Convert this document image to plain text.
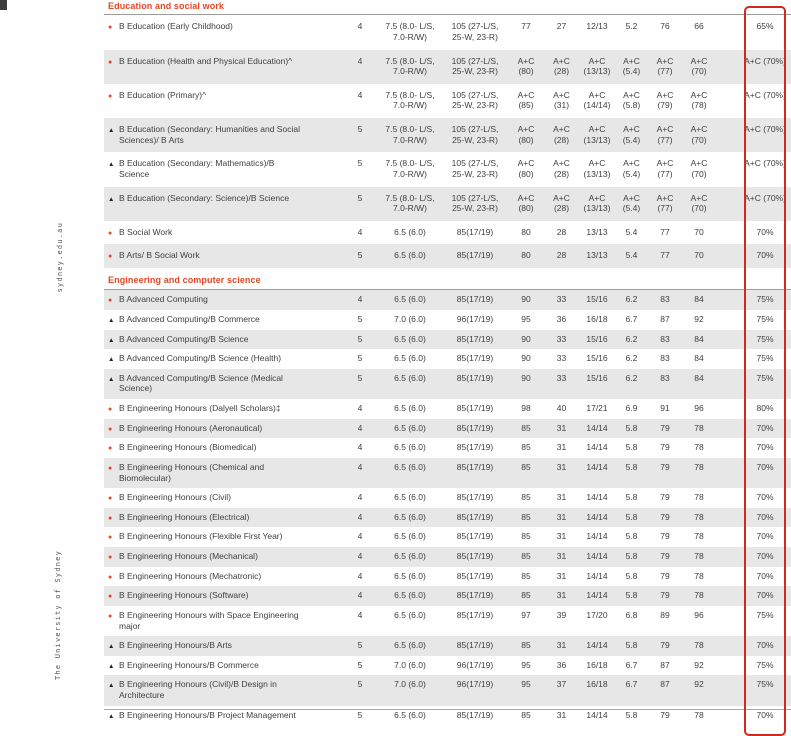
sydney.edu.au
The University of Sydney
Education and social work										
● B Education (Early Childhood)	4	7.5 (8.0- L/S, 7.0-R/W)	105 (27-L/S, 25-W, 23-R)	77	27	12/13	5.2	76	66	65%
● B Education (Health and Physical Education)^	4	7.5 (8.0- L/S, 7.0-R/W)	105 (27-L/S, 25-W, 23-R)	A+C (80)	A+C (28)	A+C (13/13)	A+C (5.4)	A+C (77)	A+C (70)	A+C (70%)
● B Education (Primary)^	4	7.5 (8.0- L/S, 7.0-R/W)	105 (27-L/S, 25-W, 23-R)	A+C (85)	A+C (31)	A+C (14/14)	A+C (5.8)	A+C (79)	A+C (78)	A+C (70%)
▲ B Education (Secondary: Humanities and Social Sciences)/ B Arts	5	7.5 (8.0- L/S, 7.0-R/W)	105 (27-L/S, 25-W, 23-R)	A+C (80)	A+C (28)	A+C (13/13)	A+C (5.4)	A+C (77)	A+C (70)	A+C (70%)
▲ B Education (Secondary: Mathematics)/B Science	5	7.5 (8.0- L/S, 7.0-R/W)	105 (27-L/S, 25-W, 23-R)	A+C (80)	A+C (28)	A+C (13/13)	A+C (5.4)	A+C (77)	A+C (70)	A+C (70%)
▲ B Education (Secondary: Science)/B Science	5	7.5 (8.0- L/S, 7.0-R/W)	105 (27-L/S, 25-W, 23-R)	A+C (80)	A+C (28)	A+C (13/13)	A+C (5.4)	A+C (77)	A+C (70)	A+C (70%)
● B Social Work	4	6.5 (6.0)	85(17/19)	80	28	13/13	5.4	77	70	70%
● B Arts/ B Social Work	5	6.5 (6.0)	85(17/19)	80	28	13/13	5.4	77	70	70%
Engineering and computer science										
● B Advanced Computing	4	6.5 (6.0)	85(17/19)	90	33	15/16	6.2	83	84	75%
▲ B Advanced Computing/B Commerce	5	7.0 (6.0)	96(17/19)	95	36	16/18	6.7	87	92	75%
▲ B Advanced Computing/B Science	5	6.5 (6.0)	85(17/19)	90	33	15/16	6.2	83	84	75%
▲ B Advanced Computing/B Science (Health)	5	6.5 (6.0)	85(17/19)	90	33	15/16	6.2	83	84	75%
▲ B Advanced Computing/B Science (Medical Science)	5	6.5 (6.0)	85(17/19)	90	33	15/16	6.2	83	84	75%
● B Engineering Honours (Dalyell Scholars)‡	4	6.5 (6.0)	85(17/19)	98	40	17/21	6.9	91	96	80%
● B Engineering Honours (Aeronautical)	4	6.5 (6.0)	85(17/19)	85	31	14/14	5.8	79	78	70%
● B Engineering Honours (Biomedical)	4	6.5 (6.0)	85(17/19)	85	31	14/14	5.8	79	78	70%
● B Engineering Honours (Chemical and Biomolecular)	4	6.5 (6.0)	85(17/19)	85	31	14/14	5.8	79	78	70%
● B Engineering Honours (Civil)	4	6.5 (6.0)	85(17/19)	85	31	14/14	5.8	79	78	70%
● B Engineering Honours (Electrical)	4	6.5 (6.0)	85(17/19)	85	31	14/14	5.8	79	78	70%
● B Engineering Honours (Flexible First Year)	4	6.5 (6.0)	85(17/19)	85	31	14/14	5.8	79	78	70%
● B Engineering Honours (Mechanical)	4	6.5 (6.0)	85(17/19)	85	31	14/14	5.8	79	78	70%
● B Engineering Honours (Mechatronic)	4	6.5 (6.0)	85(17/19)	85	31	14/14	5.8	79	78	70%
● B Engineering Honours (Software)	4	6.5 (6.0)	85(17/19)	85	31	14/14	5.8	79	78	70%
● B Engineering Honours with Space Engineering major	4	6.5 (6.0)	85(17/19)	97	39	17/20	6.8	89	96	75%
▲ B Engineering Honours/B Arts	5	6.5 (6.0)	85(17/19)	85	31	14/14	5.8	79	78	70%
▲ B Engineering Honours/B Commerce	5	7.0 (6.0)	96(17/19)	95	36	16/18	6.7	87	92	75%
▲ B Engineering Honours (Civil)/B Design in Architecture	5	7.0 (6.0)	96(17/19)	95	37	16/18	6.7	87	92	75%
▲ B Engineering Honours/B Project Management	5	6.5 (6.0)	85(17/19)	85	31	14/14	5.8	79	78	70%
